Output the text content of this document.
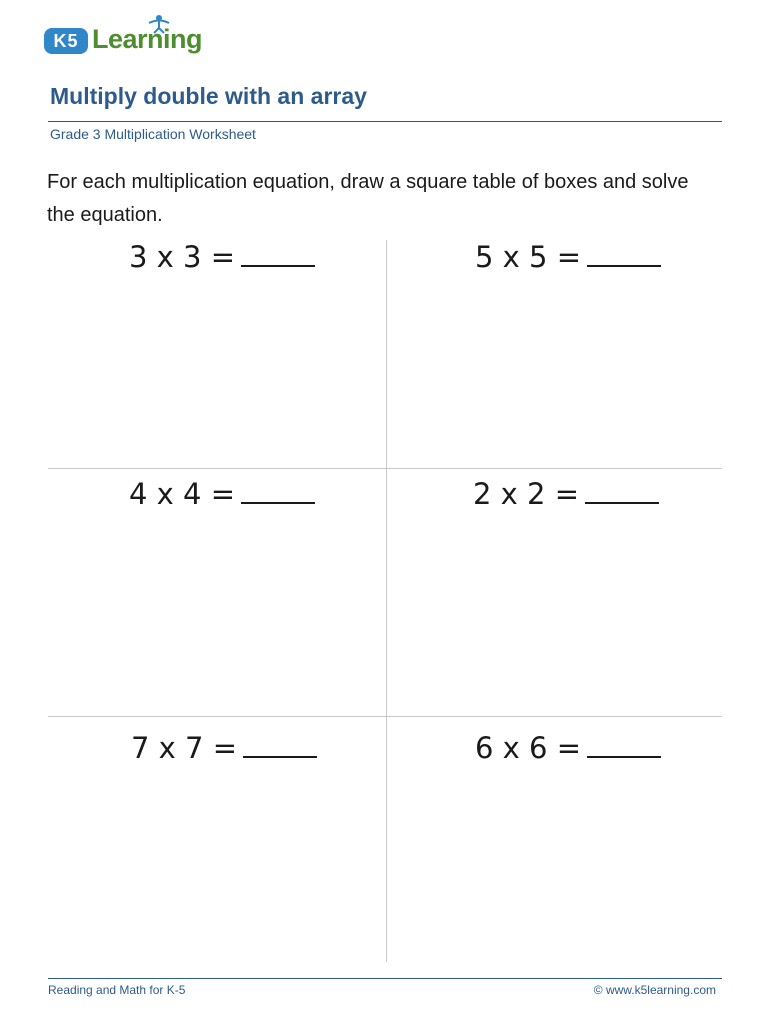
K5 Learning
Multiply double with an array
Grade 3 Multiplication Worksheet
For each multiplication equation, draw a square table of boxes and solve the equation.
3 x 3 =	5 x 5 =
4 x 4 =	2 x 2 =
7 x 7 =	6 x 6 =
Reading and Math for K-5	© www.k5learning.com
